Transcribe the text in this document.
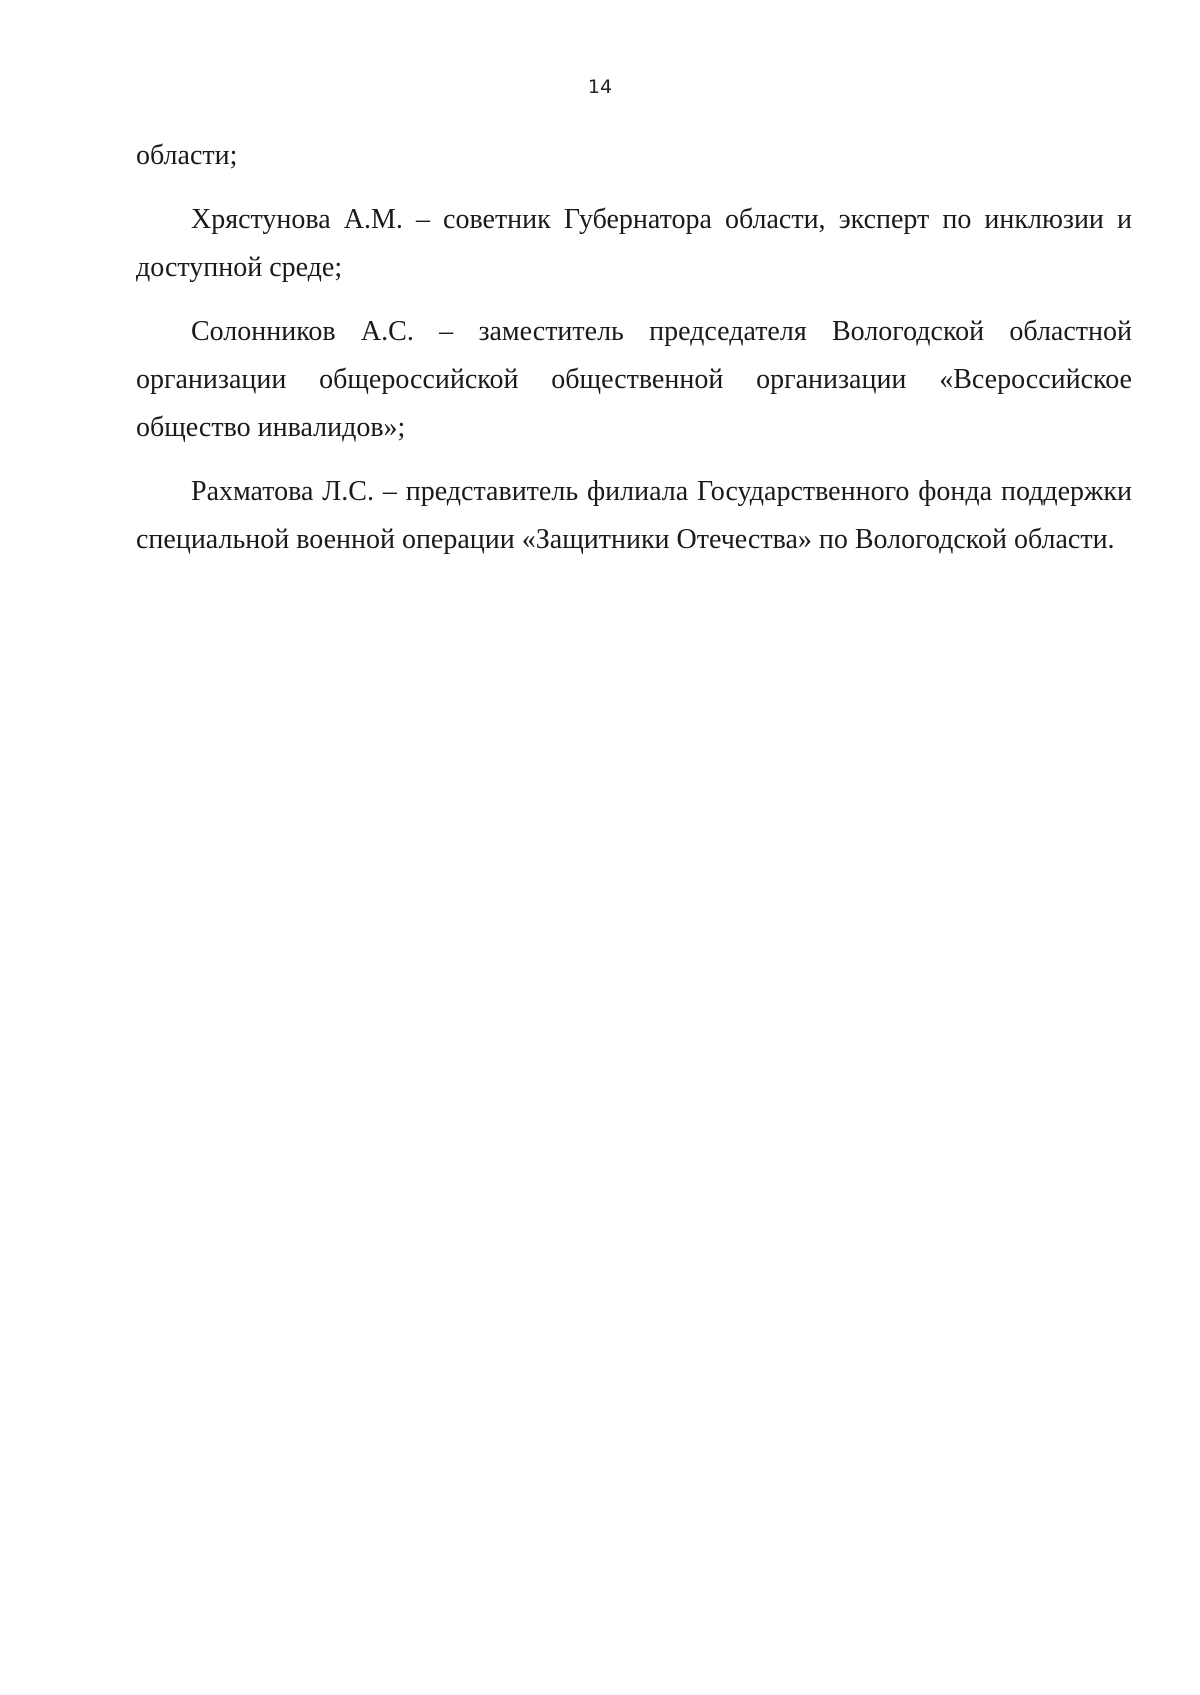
14

области;

Хрястунова А.М. – советник Губернатора области, эксперт по инклюзии и доступной среде;

Солонников А.С. – заместитель председателя Вологодской областной организации общероссийской общественной организации «Всероссийское общество инвалидов»;

Рахматова Л.С. – представитель филиала Государственного фонда поддержки специальной военной операции «Защитники Отечества» по Вологодской области.
